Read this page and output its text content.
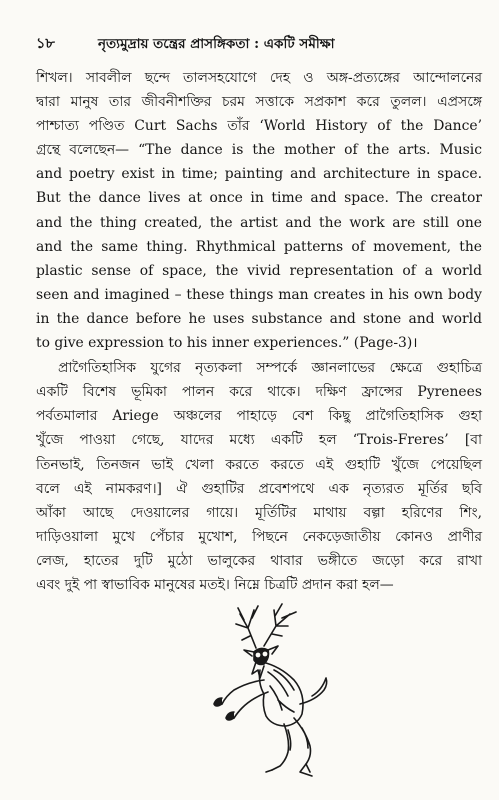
১৮	নৃত্যমুদ্রায় তন্ত্রের প্রাসঙ্গিকতা : একটি সমীক্ষা
শিখল। সাবলীল ছন্দে তালসহযোগে দেহ ও অঙ্গ-প্রত্যঙ্গের আন্দোলনের
দ্বারা মানুষ তার জীবনীশক্তির চরম সত্তাকে সপ্রকাশ করে তুলল। এপ্রসঙ্গে
পাশ্চাত্য পণ্ডিত Curt Sachs তাঁর ‘World History of the Dance’
গ্রন্থে বলেছেন— “The dance is the mother of the arts. Music
and poetry exist in time; painting and architecture in space.
But the dance lives at once in time and space. The creator
and the thing created, the artist and the work are still one
and the same thing. Rhythmical patterns of movement, the
plastic sense of space, the vivid representation of a world
seen and imagined – these things man creates in his own body
in the dance before he uses substance and stone and world
to give expression to his inner experiences.” (Page-3)।
প্রাগৈতিহাসিক যুগের নৃত্যকলা সম্পর্কে জ্ঞানলাভের ক্ষেত্রে গুহাচিত্র
একটি বিশেষ ভূমিকা পালন করে থাকে। দক্ষিণ ফ্রান্সের Pyrenees
পর্বতমালার Ariege অঞ্চলের পাহাড়ে বেশ কিছু প্রাগৈতিহাসিক গুহা
খুঁজে পাওয়া গেছে, যাদের মধ্যে একটি হল ‘Trois-Freres’ [বা
তিনভাই, তিনজন ভাই খেলা করতে করতে এই গুহাটি খুঁজে পেয়েছিল
বলে এই নামকরণ।] ঐ গুহাটির প্রবেশপথে এক নৃত্যরত মূর্তির ছবি
আঁকা আছে দেওয়ালের গায়ে। মূর্তিটির মাথায় বল্গা হরিণের শিং,
দাড়িওয়ালা মুখে পেঁচার মুখোশ, পিছনে নেকড়েজাতীয় কোনও প্রাণীর
লেজ, হাতের দুটি মুঠো ভালুকের থাবার ভঙ্গীতে জড়ো করে রাখা
এবং দুই পা স্বাভাবিক মানুষের মতই। নিম্নে চিত্রটি প্রদান করা হল—
